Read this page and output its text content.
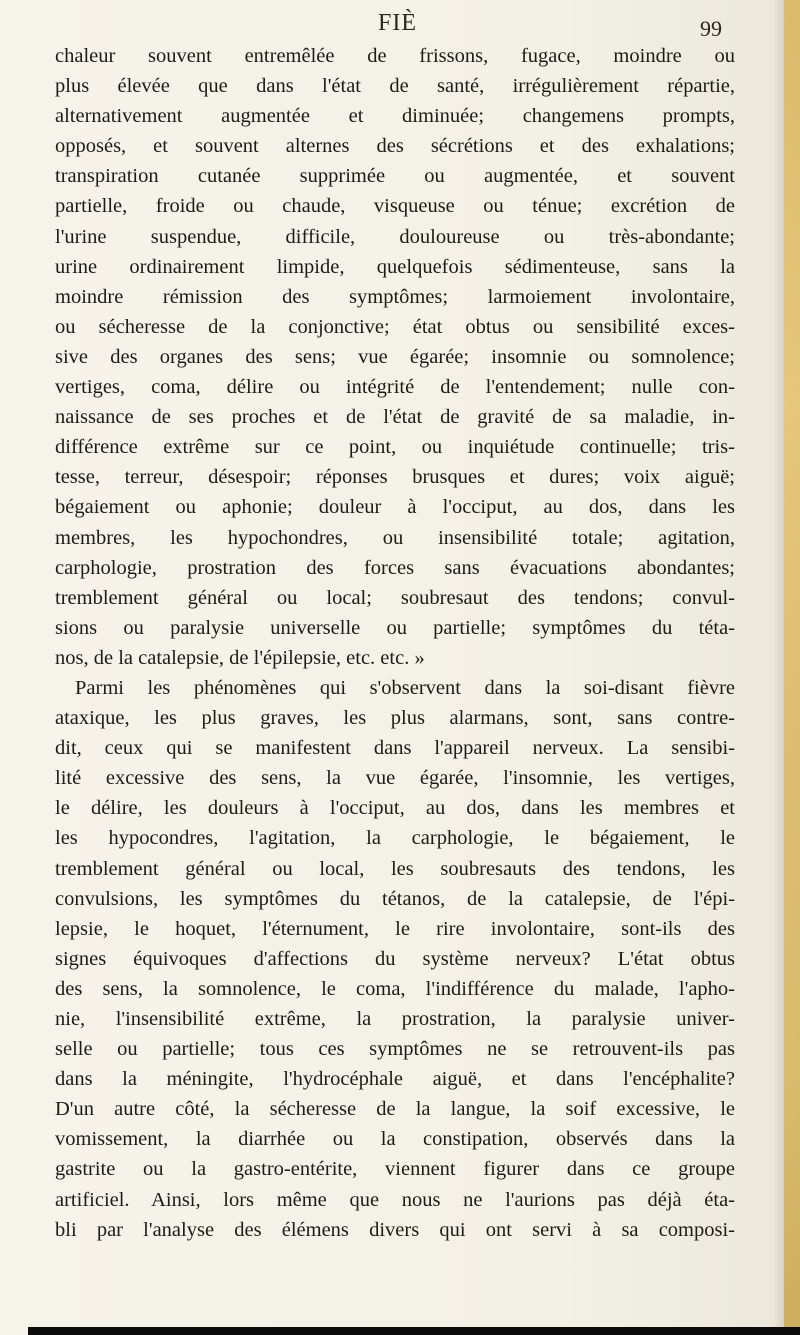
FIÈ	99
chaleur souvent entremêlée de frissons, fugace, moindre ou
plus élevée que dans l'état de santé, irrégulièrement répartie,
alternativement augmentée et diminuée; changemens prompts,
opposés, et souvent alternes des sécrétions et des exhalations;
transpiration cutanée supprimée ou augmentée, et souvent
partielle, froide ou chaude, visqueuse ou ténue; excrétion de
l'urine suspendue, difficile, douloureuse ou très-abondante;
urine ordinairement limpide, quelquefois sédimenteuse, sans la
moindre rémission des symptômes; larmoiement involontaire,
ou sécheresse de la conjonctive; état obtus ou sensibilité exces-
sive des organes des sens; vue égarée; insomnie ou somnolence;
vertiges, coma, délire ou intégrité de l'entendement; nulle con-
naissance de ses proches et de l'état de gravité de sa maladie, in-
différence extrême sur ce point, ou inquiétude continuelle; tris-
tesse, terreur, désespoir; réponses brusques et dures; voix aiguë;
bégaiement ou aphonie; douleur à l'occiput, au dos, dans les
membres, les hypochondres, ou insensibilité totale; agitation,
carphologie, prostration des forces sans évacuations abondantes;
tremblement général ou local; soubresaut des tendons; convul-
sions ou paralysie universelle ou partielle; symptômes du téta-
nos, de la catalepsie, de l'épilepsie, etc. etc. »
Parmi les phénomènes qui s'observent dans la soi-disant fièvre
ataxique, les plus graves, les plus alarmans, sont, sans contre-
dit, ceux qui se manifestent dans l'appareil nerveux. La sensibi-
lité excessive des sens, la vue égarée, l'insomnie, les vertiges,
le délire, les douleurs à l'occiput, au dos, dans les membres et
les hypocondres, l'agitation, la carphologie, le bégaiement, le
tremblement général ou local, les soubresauts des tendons, les
convulsions, les symptômes du tétanos, de la catalepsie, de l'épi-
lepsie, le hoquet, l'éternument, le rire involontaire, sont-ils des
signes équivoques d'affections du système nerveux? L'état obtus
des sens, la somnolence, le coma, l'indifférence du malade, l'apho-
nie, l'insensibilité extrême, la prostration, la paralysie univer-
selle ou partielle; tous ces symptômes ne se retrouvent-ils pas
dans la méningite, l'hydrocéphale aiguë, et dans l'encéphalite?
D'un autre côté, la sécheresse de la langue, la soif excessive, le
vomissement, la diarrhée ou la constipation, observés dans la
gastrite ou la gastro-entérite, viennent figurer dans ce groupe
artificiel. Ainsi, lors même que nous ne l'aurions pas déjà éta-
bli par l'analyse des élémens divers qui ont servi à sa composi-
